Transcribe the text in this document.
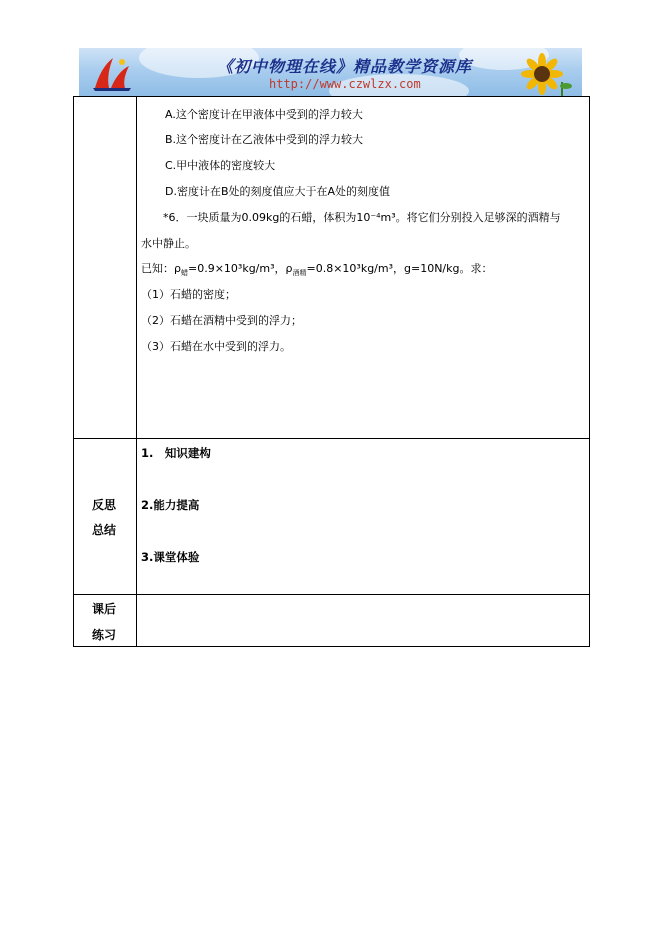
《初中物理在线》精品教学资源库
http://www.czwlzx.com
A.这个密度计在甲液体中受到的浮力较大
B.这个密度计在乙液体中受到的浮力较大
C.甲中液体的密度较大
D.密度计在B处的刻度值应大于在A处的刻度值
*6．一块质量为0.09kg的石蜡，体积为10⁻⁴m³。将它们分别投入足够深的酒精与
水中静止。
已知：$\rho_蜡=0.9\times 10^3kg/m^3$，$\rho_{酒精}=0.8\times 10^3kg/m^3$，g=10N/kg。求：
（1）石蜡的密度；
（2）石蜡在酒精中受到的浮力；
（3）石蜡在水中受到的浮力。
反思
总结
1.　知识建构
2.能力提高
3.课堂体验
课后
练习
